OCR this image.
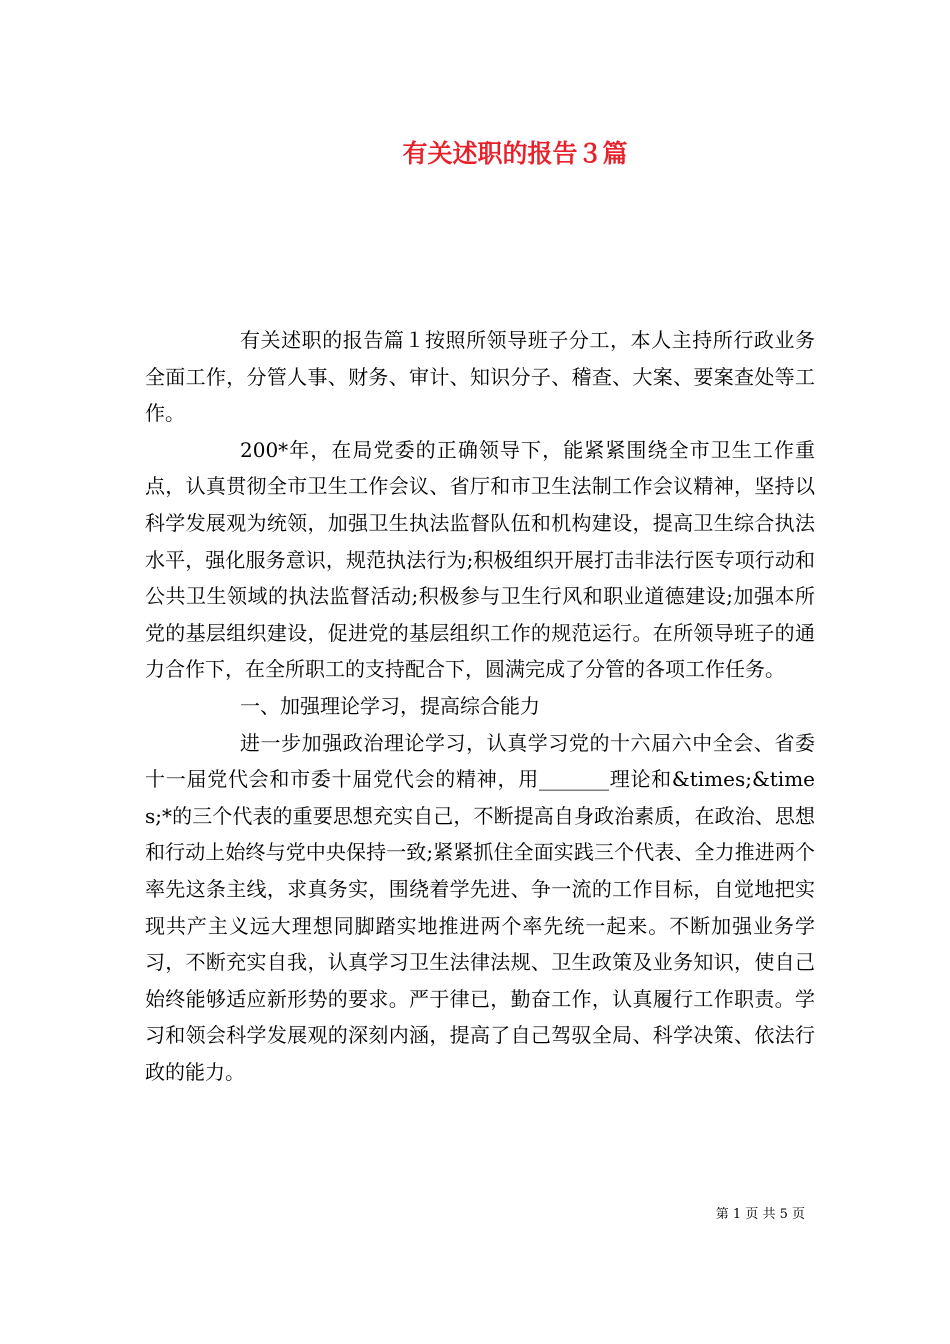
有关述职的报告３篇

有关述职的报告篇１按照所领导班子分工，本人主持所行政业务全面工作，分管人事、财务、审计、知识分子、稽查、大案、要案查处等工作。

200*年，在局党委的正确领导下，能紧紧围绕全市卫生工作重点，认真贯彻全市卫生工作会议、省厅和市卫生法制工作会议精神，坚持以科学发展观为统领，加强卫生执法监督队伍和机构建设，提高卫生综合执法水平，强化服务意识，规范执法行为;积极组织开展打击非法行医专项行动和公共卫生领域的执法监督活动;积极参与卫生行风和职业道德建设;加强本所党的基层组织建设，促进党的基层组织工作的规范运行。在所领导班子的通力合作下，在全所职工的支持配合下，圆满完成了分管的各项工作任务。

一、加强理论学习，提高综合能力

进一步加强政治理论学习，认真学习党的十六届六中全会、省委十一届党代会和市委十届党代会的精神，用_______理论和&times;&times;*的三个代表的重要思想充实自己，不断提高自身政治素质，在政治、思想和行动上始终与党中央保持一致;紧紧抓住全面实践三个代表、全力推进两个率先这条主线，求真务实，围绕着学先进、争一流的工作目标，自觉地把实现共产主义远大理想同脚踏实地推进两个率先统一起来。不断加强业务学习，不断充实自我，认真学习卫生法律法规、卫生政策及业务知识，使自己始终能够适应新形势的要求。严于律已，勤奋工作，认真履行工作职责。学习和领会科学发展观的深刻内涵，提高了自己驾驭全局、科学决策、依法行政的能力。

第 1 页 共 5 页
